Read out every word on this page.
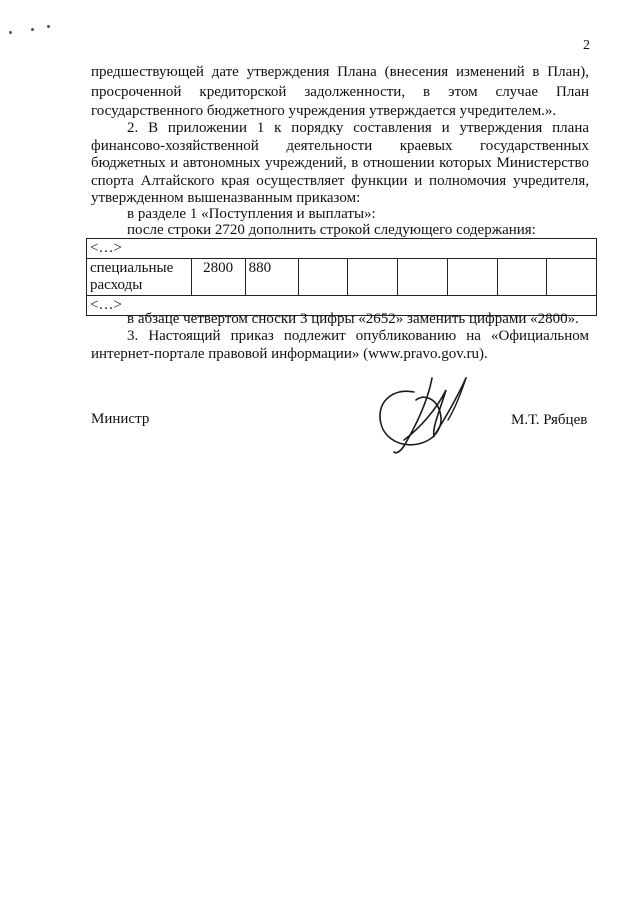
2

предшествующей дате утверждения Плана (внесения изменений в План),

просроченной кредиторской задолженности, в этом случае План

государственного бюджетного учреждения утверждается учредителем.».

2. В приложении 1 к порядку составления и утверждения плана

финансово-хозяйственной деятельности краевых государственных

бюджетных и автономных учреждений, в отношении которых Министерство

спорта Алтайского края осуществляет функции и полномочия учредителя,

утвержденном вышеназванным приказом:

в разделе 1 «Поступления и выплаты»:

после строки 2720 дополнить строкой следующего содержания:

<…>
специальные расходы	2800	880						
<…>

в абзаце четвертом сноски 3 цифры «2652» заменить цифрами «2800».

3. Настоящий приказ подлежит опубликованию на «Официальном

интернет-портале правовой информации» (www.pravo.gov.ru).

Министр	М.Т. Рябцев
